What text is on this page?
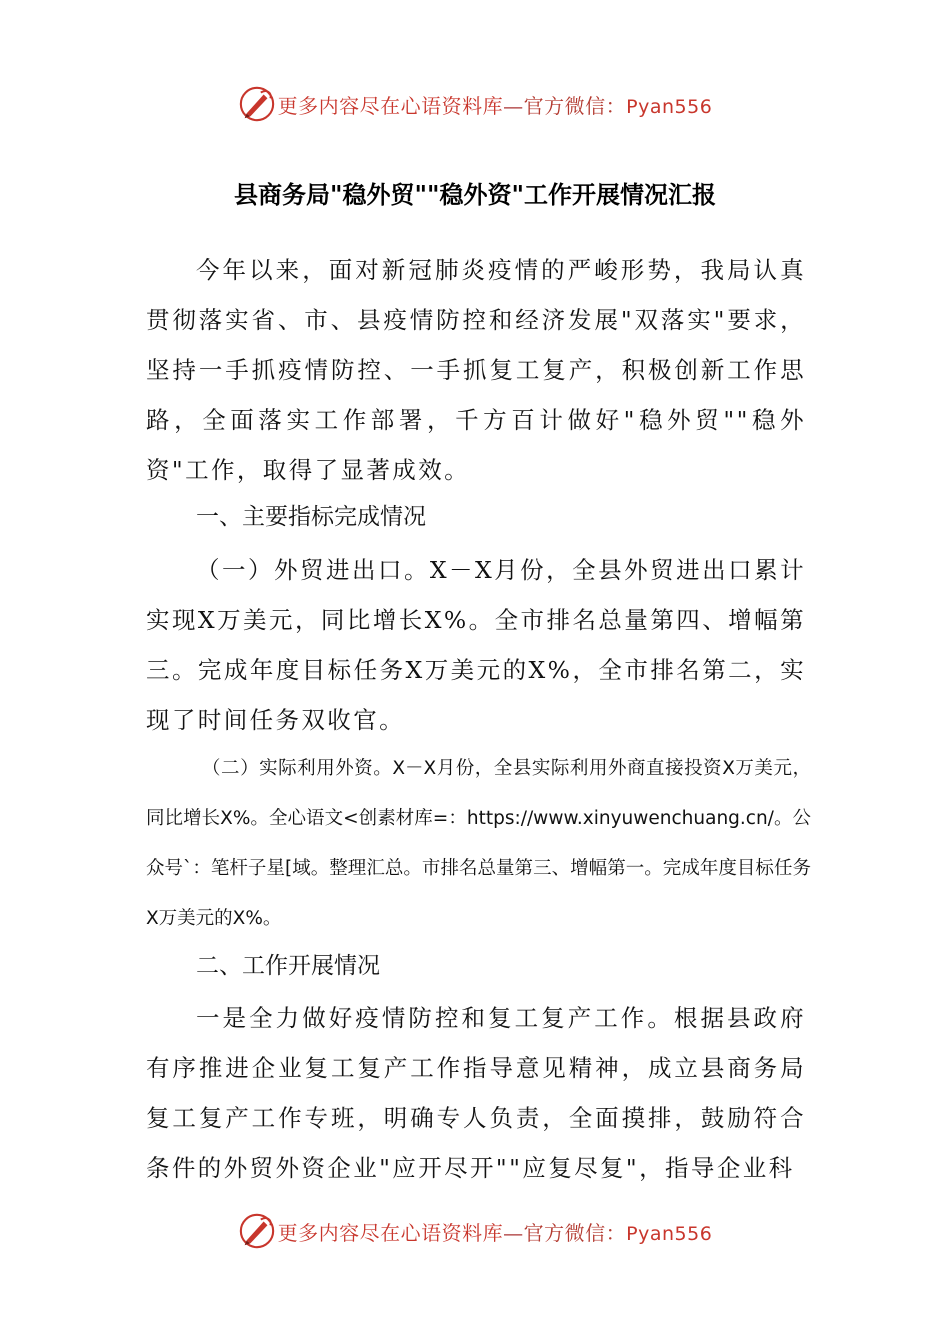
更多内容尽在心语资料库—官方微信：Pyan556
县商务局"稳外贸""稳外资"工作开展情况汇报

今年以来，面对新冠肺炎疫情的严峻形势，我局认真贯彻落实省、市、县疫情防控和经济发展"双落实"要求，坚持一手抓疫情防控、一手抓复工复产，积极创新工作思路，全面落实工作部署，千方百计做好"稳外贸""稳外资"工作，取得了显著成效。

一、主要指标完成情况

（一）外贸进出口。X－X月份，全县外贸进出口累计实现X万美元，同比增长X%。全市排名总量第四、增幅第三。完成年度目标任务X万美元的X%，全市排名第二，实现了时间任务双收官。

（二）实际利用外资。X－X月份，全县实际利用外商直接投资X万美元，同比增长X%。全心语文<创素材库=：https://www.xinyuwenchuang.cn/。公众号`：笔杆子星[域。整理汇总。市排名总量第三、增幅第一。完成年度目标任务X万美元的X%。

二、工作开展情况

一是全力做好疫情防控和复工复产工作。根据县政府有序推进企业复工复产工作指导意见精神，成立县商务局复工复产工作专班，明确专人负责，全面摸排，鼓励符合条件的外贸外资企业"应开尽开""应复尽复"，指导企业科

更多内容尽在心语资料库—官方微信：Pyan556
